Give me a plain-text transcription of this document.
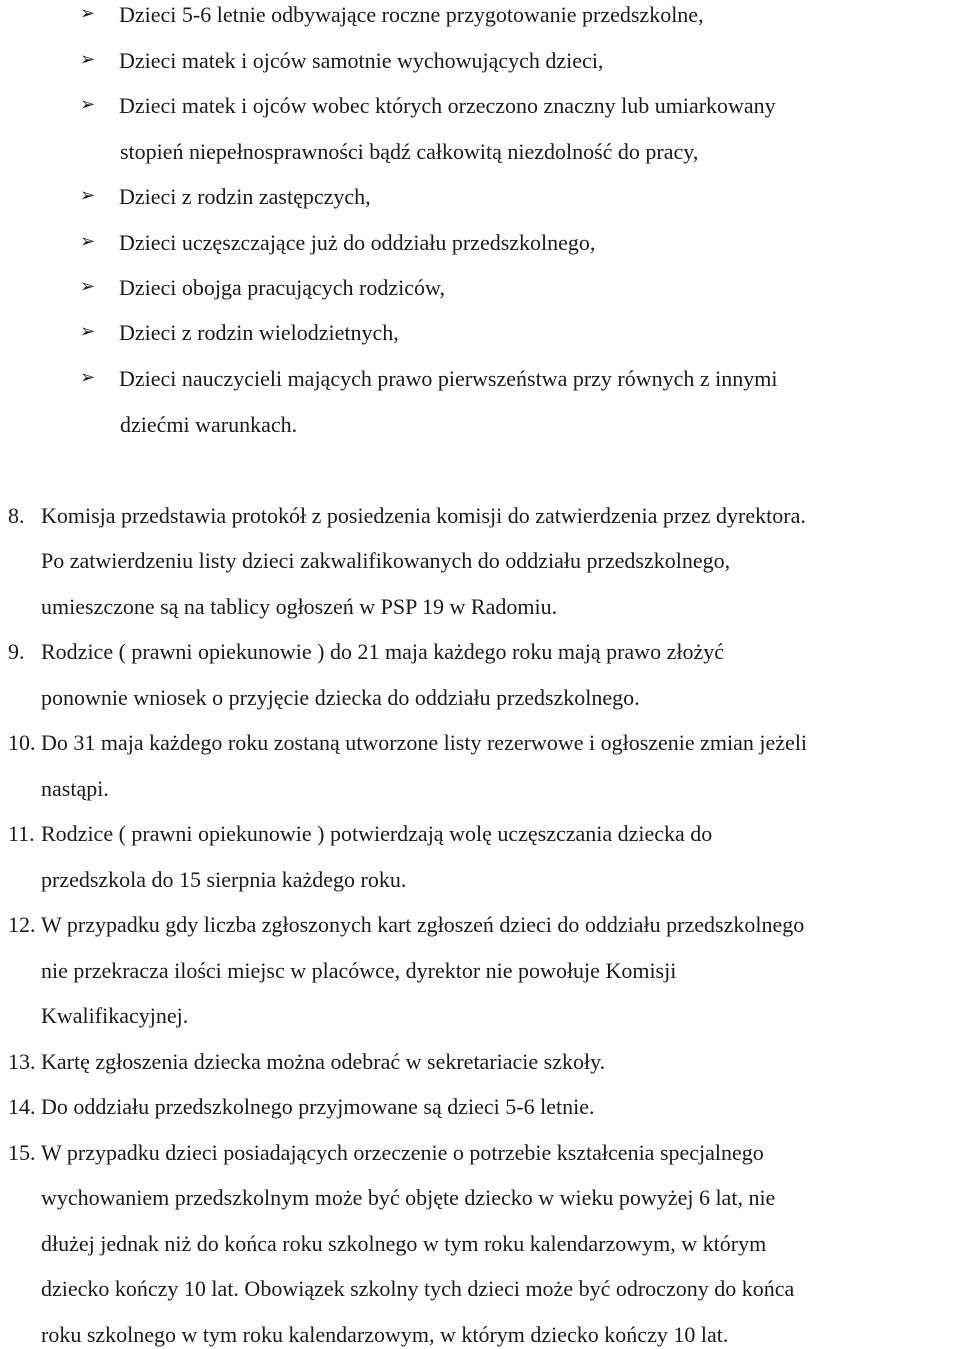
➢ Dzieci 5-6 letnie odbywające roczne przygotowanie przedszkolne,
➢ Dzieci matek i ojców samotnie wychowujących dzieci,
➢ Dzieci matek i ojców wobec których orzeczono znaczny lub umiarkowany
stopień niepełnosprawności bądź całkowitą niezdolność do pracy,
➢ Dzieci z rodzin zastępczych,
➢ Dzieci uczęszczające już do oddziału przedszkolnego,
➢ Dzieci obojga pracujących rodziców,
➢ Dzieci z rodzin wielodzietnych,
➢ Dzieci nauczycieli mających prawo pierwszeństwa przy równych z innymi
dziećmi warunkach.
8. Komisja przedstawia protokół z posiedzenia komisji do zatwierdzenia przez dyrektora.
Po zatwierdzeniu listy dzieci zakwalifikowanych do oddziału przedszkolnego,
umieszczone są na tablicy ogłoszeń w PSP 19 w Radomiu.
9. Rodzice ( prawni opiekunowie ) do 21 maja każdego roku mają prawo złożyć
ponownie wniosek o przyjęcie dziecka do oddziału przedszkolnego.
10. Do 31 maja każdego roku zostaną utworzone listy rezerwowe i ogłoszenie zmian jeżeli
nastąpi.
11. Rodzice ( prawni opiekunowie ) potwierdzają wolę uczęszczania dziecka do
przedszkola do 15 sierpnia każdego roku.
12. W przypadku gdy liczba zgłoszonych kart zgłoszeń dzieci do oddziału przedszkolnego
nie przekracza ilości miejsc w placówce, dyrektor nie powołuje Komisji
Kwalifikacyjnej.
13. Kartę zgłoszenia dziecka można odebrać w sekretariacie szkoły.
14. Do oddziału przedszkolnego przyjmowane są dzieci 5-6 letnie.
15. W przypadku dzieci posiadających orzeczenie o potrzebie kształcenia specjalnego
wychowaniem przedszkolnym może być objęte dziecko w wieku powyżej 6 lat, nie
dłużej jednak niż do końca roku szkolnego w tym roku kalendarzowym, w którym
dziecko kończy 10 lat. Obowiązek szkolny tych dzieci może być odroczony do końca
roku szkolnego w tym roku kalendarzowym, w którym dziecko kończy 10 lat.
